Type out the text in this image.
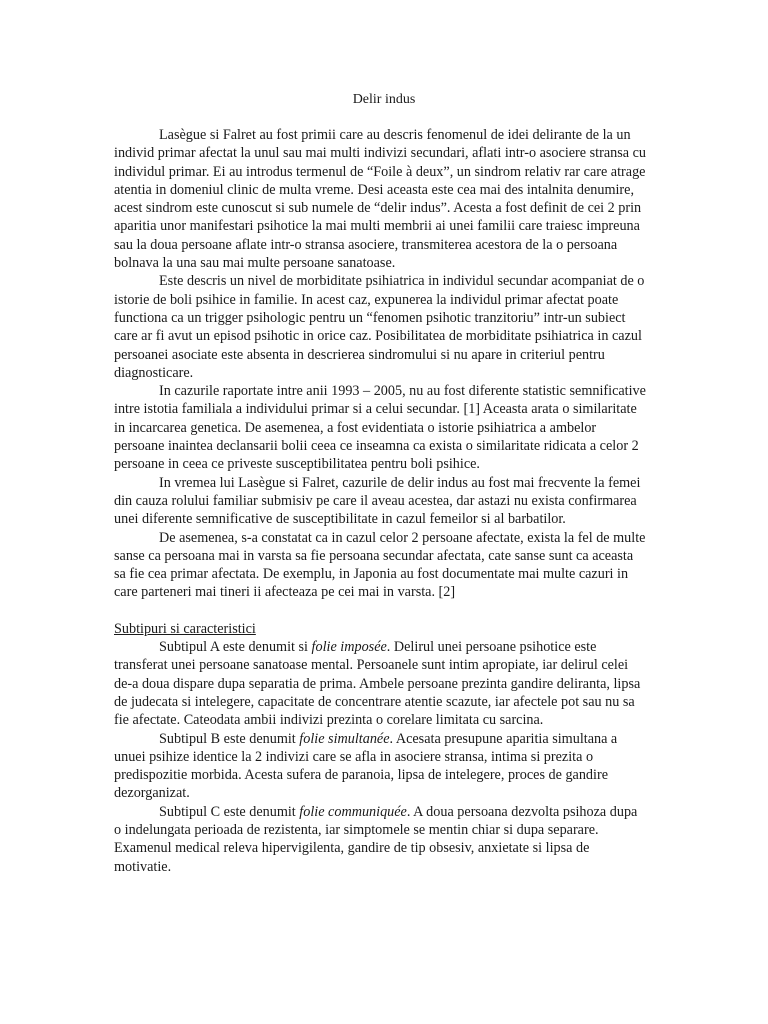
Delir indus

Lasègue si Falret au fost primii care au descris fenomenul de idei delirante de la un individ primar afectat la unul sau mai multi indivizi secundari, aflati intr-o asociere stransa cu individul primar. Ei au introdus termenul de “Foile à deux”, un sindrom relativ rar care atrage atentia in domeniul clinic de multa vreme. Desi aceasta este cea mai des intalnita denumire, acest sindrom este cunoscut si sub numele de “delir indus”. Acesta a fost definit de cei 2 prin aparitia unor manifestari psihotice la mai multi membrii ai unei familii care traiesc impreuna sau la doua persoane aflate intr-o stransa asociere, transmiterea acestora de la o persoana bolnava la una sau mai multe persoane sanatoase.

Este descris un nivel de morbiditate psihiatrica in individul secundar acompaniat de o istorie de boli psihice in familie. In acest caz, expunerea la individul primar afectat poate functiona ca un trigger psihologic pentru un “fenomen psihotic tranzitoriu” intr-un subiect care ar fi avut un episod psihotic in orice caz. Posibilitatea de morbiditate psihiatrica in cazul persoanei asociate este absenta in descrierea sindromului si nu apare in criteriul pentru diagnosticare.

In cazurile raportate intre anii 1993 – 2005, nu au fost diferente statistic semnificative intre istotia familiala a individului primar si a celui secundar. [1] Aceasta arata o similaritate in incarcarea genetica. De asemenea, a fost evidentiata o istorie psihiatrica a ambelor persoane inaintea declansarii bolii ceea ce inseamna ca exista o similaritate ridicata a celor 2 persoane in ceea ce priveste susceptibilitatea pentru boli psihice.

In vremea lui Lasègue si Falret, cazurile de delir indus au fost mai frecvente la femei din cauza rolului familiar submisiv pe care il aveau acestea, dar astazi nu exista confirmarea unei diferente semnificative de susceptibilitate in cazul femeilor si al barbatilor.

De asemenea, s-a constatat ca in cazul celor 2 persoane afectate, exista la fel de multe sanse ca persoana mai in varsta sa fie persoana secundar afectata, cate sanse sunt ca aceasta sa fie cea primar afectata. De exemplu, in Japonia au fost documentate mai multe cazuri in care parteneri mai tineri ii afecteaza pe cei mai in varsta. [2]

Subtipuri si caracteristici

Subtipul A este denumit si folie imposée. Delirul unei persoane psihotice este transferat unei persoane sanatoase mental. Persoanele sunt intim apropiate, iar delirul celei de-a doua dispare dupa separatia de prima. Ambele persoane prezinta gandire deliranta, lipsa de judecata si intelegere, capacitate de concentrare atentie scazute, iar afectele pot sau nu sa fie afectate. Cateodata ambii indivizi prezinta o corelare limitata cu sarcina.

Subtipul B este denumit folie simultanée. Acesata presupune aparitia simultana a unuei psihize identice la 2 indivizi care se afla in asociere stransa, intima si prezita o predispozitie morbida. Acesta sufera de paranoia, lipsa de intelegere, proces de gandire dezorganizat.

Subtipul C este denumit folie communiquée. A doua persoana dezvolta psihoza dupa o indelungata perioada de rezistenta, iar simptomele se mentin chiar si dupa separare. Examenul medical releva hipervigilenta, gandire de tip obsesiv, anxietate si lipsa de motivatie.
